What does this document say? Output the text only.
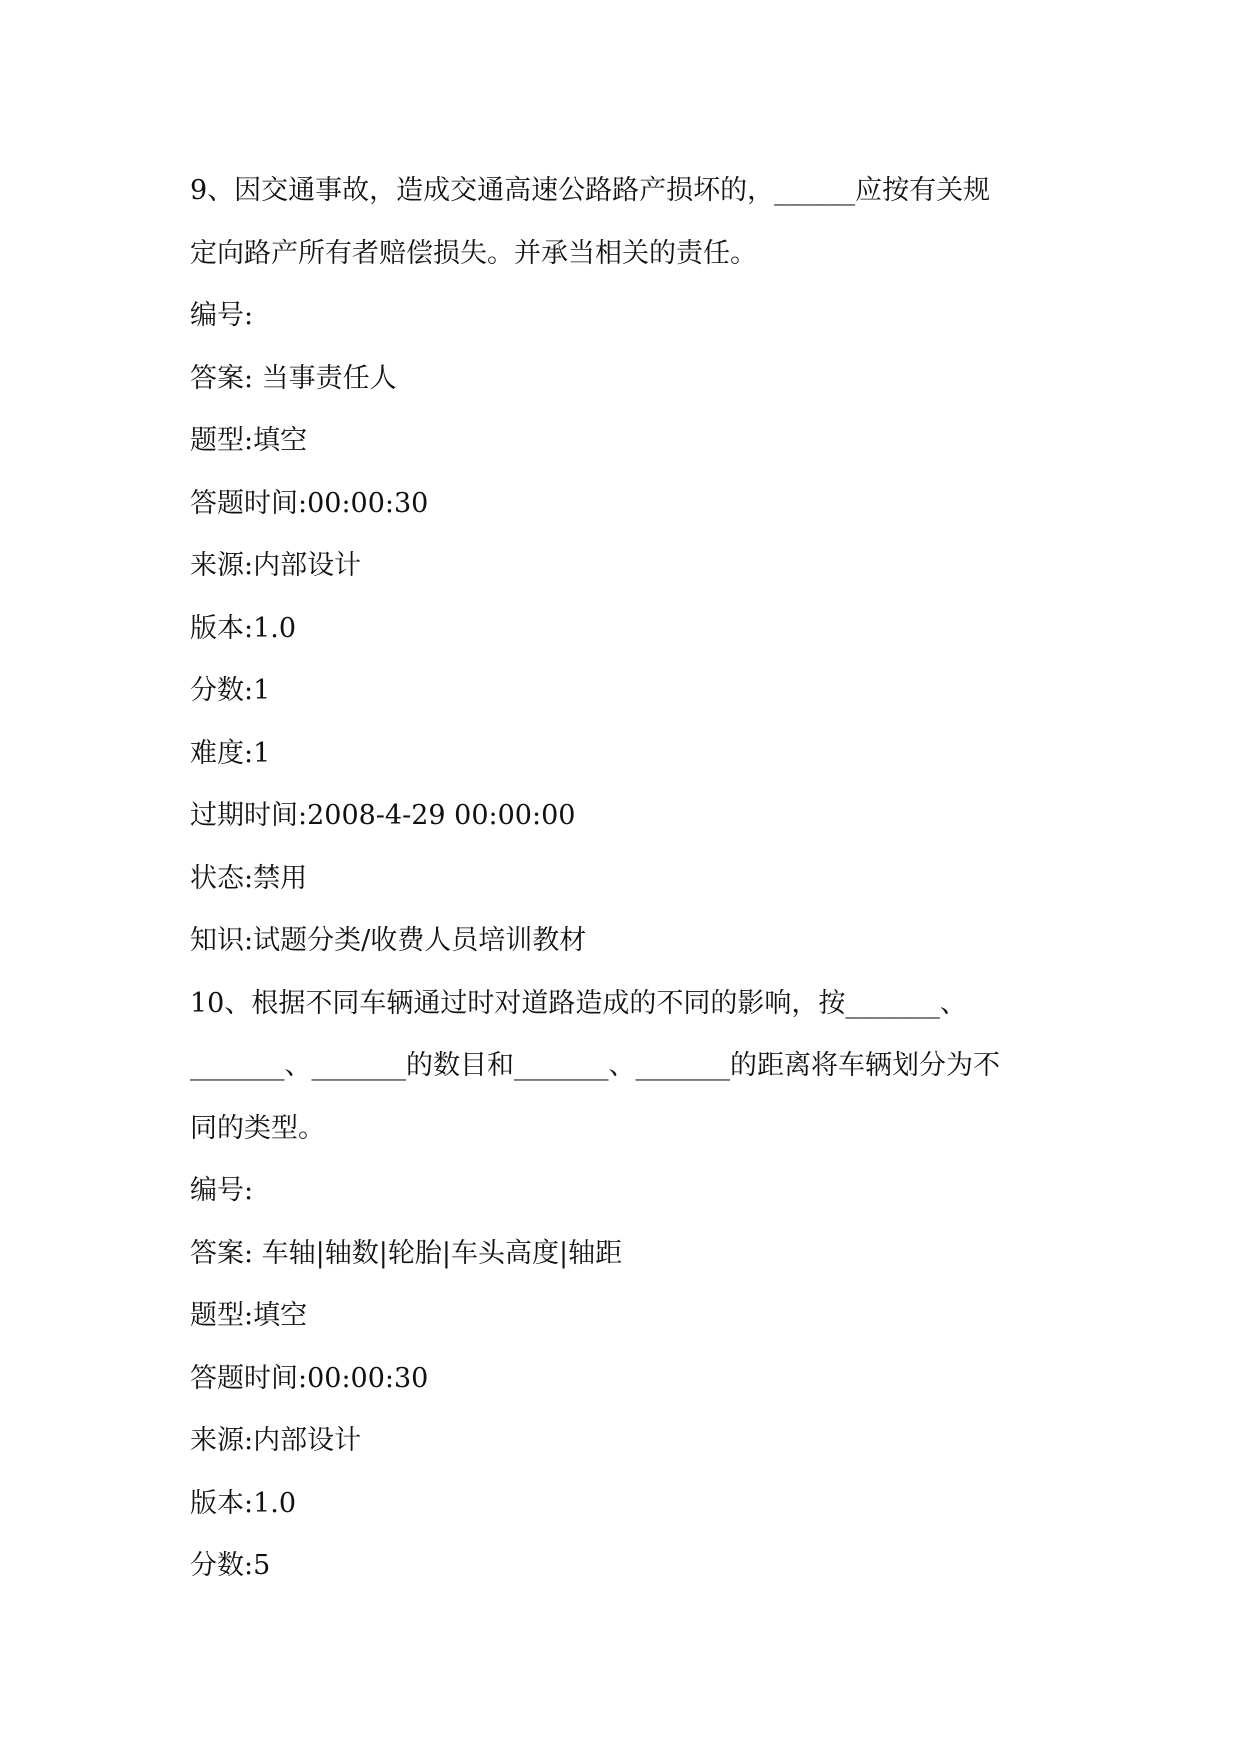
9、因交通事故，造成交通高速公路路产损坏的，______应按有关规

定向路产所有者赔偿损失。并承当相关的责任。

编号:

答案: 当事责任人

题型:填空

答题时间:00:00:30

来源:内部设计

版本:1.0

分数:1

难度:1

过期时间:2008-4-29 00:00:00

状态:禁用

知识:试题分类/收费人员培训教材

10、根据不同车辆通过时对道路造成的不同的影响，按_______、

_______、_______的数目和_______、_______的距离将车辆划分为不

同的类型。

编号:

答案: 车轴|轴数|轮胎|车头高度|轴距

题型:填空

答题时间:00:00:30

来源:内部设计

版本:1.0

分数:5
